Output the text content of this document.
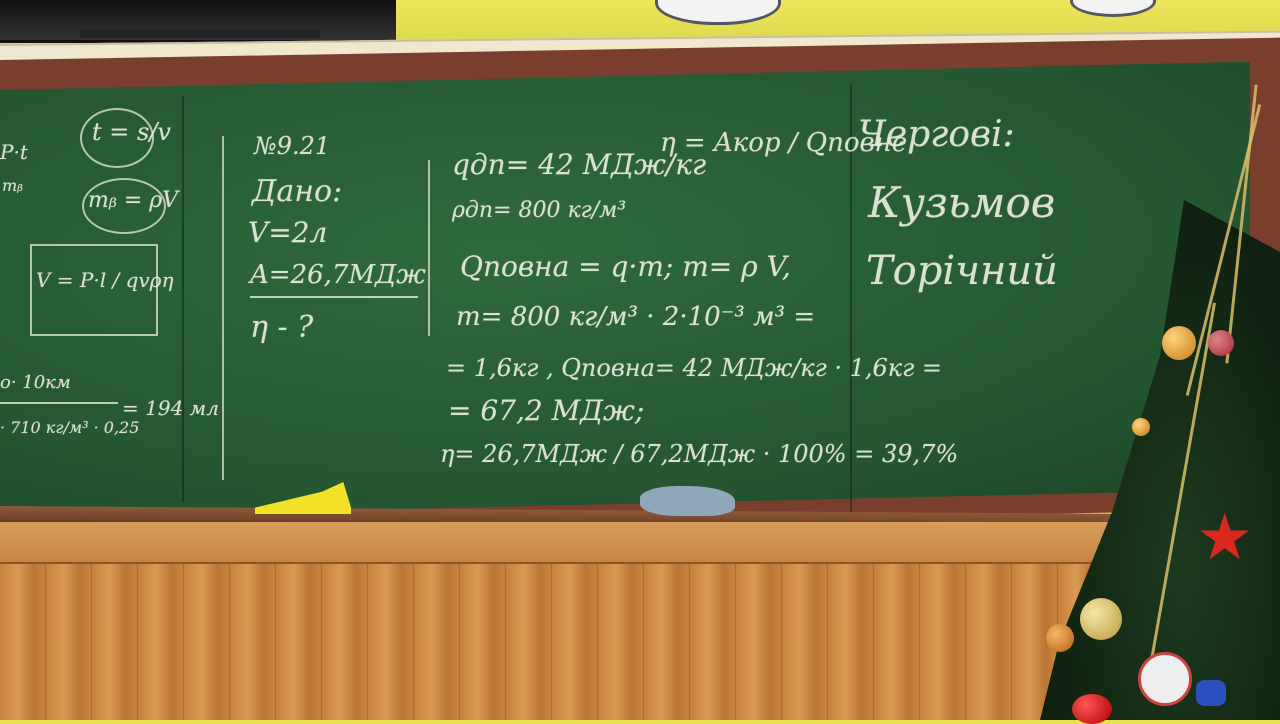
t = s/v
mᵦ = ρV
P·t
mᵦ
V = P·l / qvρη
o· 10км
= 194 мл
· 710 кг/м³ · 0,25
№9.21
Дано:
V=2л
A=26,7МДж
η - ?
qдп= 42 МДж/кг
ρдп= 800 кг/м³
η = Aкор / Qповне
Qповна = q·m; m= ρ V,
m= 800 кг/м³ · 2·10⁻³ м³ =
= 1,6кг , Qповна= 42 МДж/кг · 1,6кг =
= 67,2 МДж;
η= 26,7МДж / 67,2МДж · 100% = 39,7%
Чергові:
Кузьмов
Торічний
★
